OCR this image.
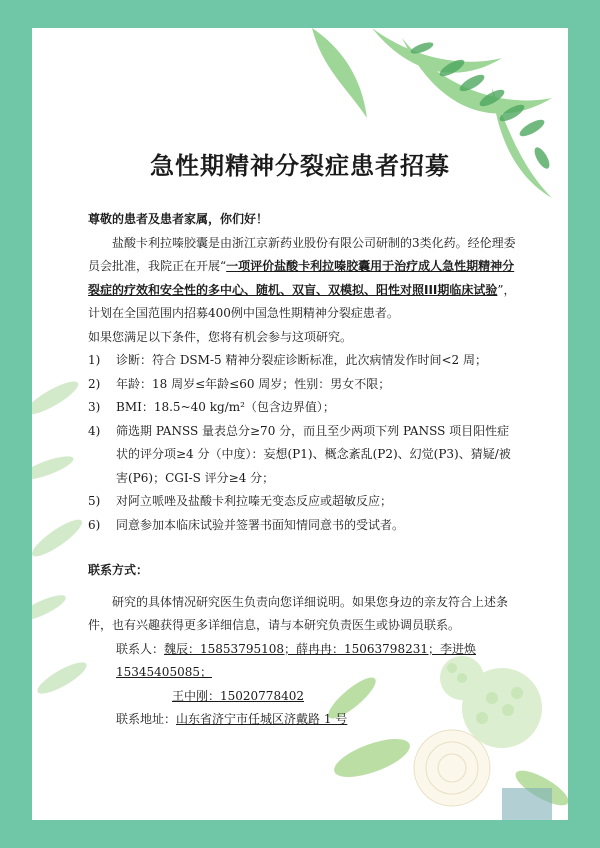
急性期精神分裂症患者招募

尊敬的患者及患者家属，你们好！

盐酸卡利拉嗪胶囊是由浙江京新药业股份有限公司研制的3类化药。经伦理委员会批准，我院正在开展“一项评价盐酸卡利拉嗪胶囊用于治疗成人急性期精神分裂症的疗效和安全性的多中心、随机、双盲、双模拟、阳性对照III期临床试验”，计划在全国范围内招募400例中国急性期精神分裂症患者。

如果您满足以下条件，您将有机会参与这项研究。

1)	诊断：符合 DSM-5 精神分裂症诊断标准，此次病情发作时间<2 周；
2)	年龄：18 周岁≤年龄≤60 周岁；性别：男女不限；
3)	BMI：18.5~40 kg/m²（包含边界值）；
4)	筛选期 PANSS 量表总分≥70 分，而且至少两项下列 PANSS 项目阳性症状的评分项≥4 分（中度）：妄想(P1)、概念紊乱(P2)、幻觉(P3)、猜疑/被害(P6)；CGI-S 评分≥4 分；
5)	对阿立哌唑及盐酸卡利拉嗪无变态反应或超敏反应；
6)	同意参加本临床试验并签署书面知情同意书的受试者。

联系方式：

研究的具体情况研究医生负责向您详细说明。如果您身边的亲友符合上述条件，也有兴趣获得更多详细信息，请与本研究负责医生或协调员联系。

联系人：魏辰：15853795108；薛冉冉：15063798231；李进焕 15345405085；

王中刚：15020778402

联系地址：山东省济宁市任城区济戴路 1 号
